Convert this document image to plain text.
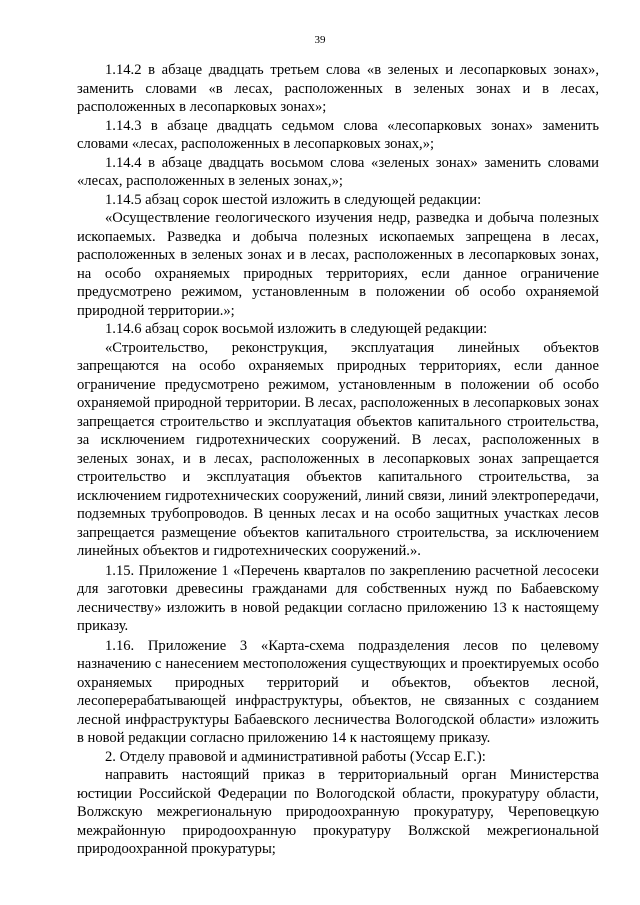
39

1.14.2 в абзаце двадцать третьем слова «в зеленых и лесопарковых зонах», заменить словами «в лесах, расположенных в зеленых зонах и в лесах, расположенных в лесопарковых зонах»;

1.14.3 в абзаце двадцать седьмом слова «лесопарковых зонах» заменить словами «лесах, расположенных в лесопарковых зонах,»;

1.14.4 в абзаце двадцать восьмом слова «зеленых зонах» заменить словами «лесах, расположенных в зеленых зонах,»;

1.14.5 абзац сорок шестой изложить в следующей редакции:

«Осуществление геологического изучения недр, разведка и добыча полезных ископаемых. Разведка и добыча полезных ископаемых запрещена в лесах, расположенных в зеленых зонах и в лесах, расположенных в лесопарковых зонах, на особо охраняемых природных территориях, если данное ограничение предусмотрено режимом, установленным в положении об особо охраняемой природной территории.»;

1.14.6 абзац сорок восьмой изложить в следующей редакции:

«Строительство, реконструкция, эксплуатация линейных объектов запрещаются на особо охраняемых природных территориях, если данное ограничение предусмотрено режимом, установленным в положении об особо охраняемой природной территории. В лесах, расположенных в лесопарковых зонах запрещается строительство и эксплуатация объектов капитального строительства, за исключением гидротехнических сооружений. В лесах, расположенных в зеленых зонах, и в лесах, расположенных в лесопарковых зонах запрещается строительство и эксплуатация объектов капитального строительства, за исключением гидротехнических сооружений, линий связи, линий электропередачи, подземных трубопроводов. В ценных лесах и на особо защитных участках лесов запрещается размещение объектов капитального строительства, за исключением линейных объектов и гидротехнических сооружений.».

1.15. Приложение 1 «Перечень кварталов по закреплению расчетной лесосеки для заготовки древесины гражданами для собственных нужд по Бабаевскому лесничеству» изложить в новой редакции согласно приложению 13 к настоящему приказу.

1.16. Приложение 3 «Карта-схема подразделения лесов по целевому назначению с нанесением местоположения существующих и проектируемых особо охраняемых природных территорий и объектов, объектов лесной, лесоперерабатывающей инфраструктуры, объектов, не связанных с созданием лесной инфраструктуры Бабаевского лесничества Вологодской области» изложить в новой редакции согласно приложению 14 к настоящему приказу.

2. Отделу правовой и административной работы (Уссар Е.Г.):

направить настоящий приказ в территориальный орган Министерства юстиции Российской Федерации по Вологодской области, прокуратуру области, Волжскую межрегиональную природоохранную прокуратуру, Череповецкую межрайонную природоохранную прокуратуру Волжской межрегиональной природоохранной прокуратуры;
